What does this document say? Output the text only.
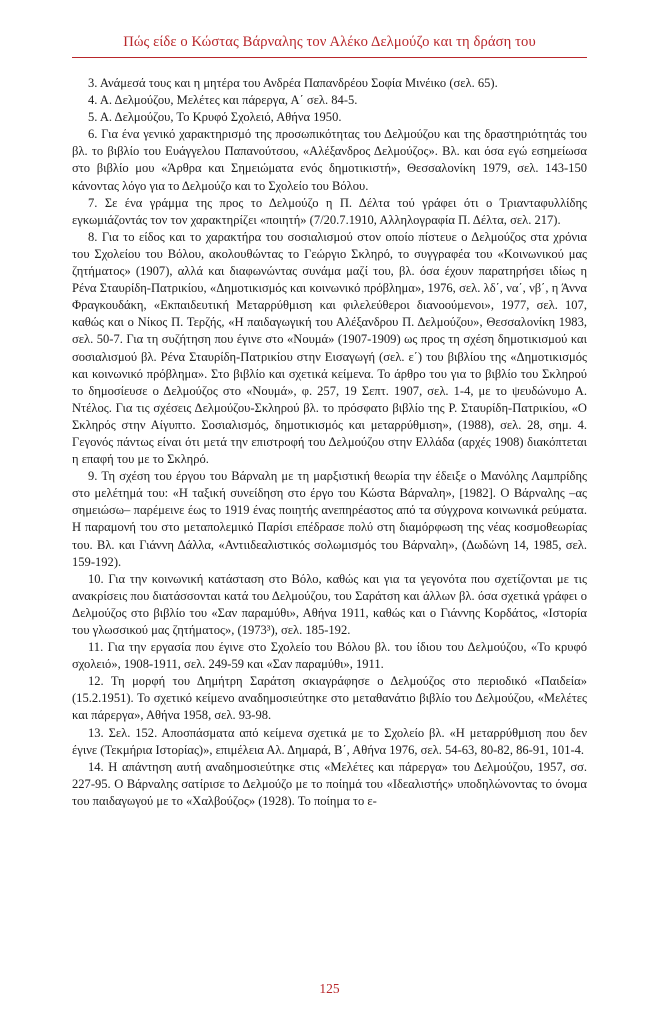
Πώς είδε ο Κώστας Βάρναλης τον Αλέκο Δελμούζο και τη δράση του

3. Ανάμεσά τους και η μητέρα του Ανδρέα Παπανδρέου Σοφία Μινέικο (σελ. 65).

4. Α. Δελμούζου, Μελέτες και πάρεργα, Α΄ σελ. 84-5.

5. Α. Δελμούζου, Το Κρυφό Σχολειό, Αθήνα 1950.

6. Για ένα γενικό χαρακτηρισμό της προσωπικότητας του Δελμούζου και της δραστηριότητάς του βλ. το βιβλίο του Ευάγγελου Παπανούτσου, «Αλέξανδρος Δελμούζος». Βλ. και όσα εγώ εσημείωσα στο βιβλίο μου «Άρθρα και Σημειώματα ενός δημοτικιστή», Θεσσαλονίκη 1979, σελ. 143-150 κάνοντας λόγο για το Δελμούζο και το Σχολείο του Βόλου.

7. Σε ένα γράμμα της προς το Δελμούζο η Π. Δέλτα τού γράφει ότι ο Τριανταφυλλίδης εγκωμιάζοντάς τον τον χαρακτηρίζει «ποιητή» (7/20.7.1910, Αλληλογραφία Π. Δέλτα, σελ. 217).

8. Για το είδος και το χαρακτήρα του σοσιαλισμού στον οποίο πίστευε ο Δελμούζος στα χρόνια του Σχολείου του Βόλου, ακολουθώντας το Γεώργιο Σκληρό, το συγγραφέα του «Κοινωνικού μας ζητήματος» (1907), αλλά και διαφωνώντας συνάμα μαζί του, βλ. όσα έχουν παρατηρήσει ιδίως η Ρένα Σταυρίδη-Πατρικίου, «Δημοτικισμός και κοινωνικό πρόβλημα», 1976, σελ. λδ΄, να΄, νβ΄, η Άννα Φραγκουδάκη, «Εκπαιδευτική Μεταρρύθμιση και φιλελεύθεροι διανοούμενοι», 1977, σελ. 107, καθώς και ο Νίκος Π. Τερζής, «Η παιδαγωγική του Αλέξανδρου Π. Δελμούζου», Θεσσαλονίκη 1983, σελ. 50-7. Για τη συζήτηση που έγινε στο «Νουμά» (1907-1909) ως προς τη σχέση δημοτικισμού και σοσιαλισμού βλ. Ρένα Σταυρίδη-Πατρικίου στην Εισαγωγή (σελ. ε΄) του βιβλίου της «Δημοτικισμός και κοινωνικό πρόβλημα». Στο βιβλίο και σχετικά κείμενα. Το άρθρο του για το βιβλίο του Σκληρού το δημοσίευσε ο Δελμούζος στο «Νουμά», φ. 257, 19 Σεπτ. 1907, σελ. 1-4, με το ψευδώνυμο Α. Ντέλος. Για τις σχέσεις Δελμούζου-Σκληρού βλ. το πρόσφατο βιβλίο της Ρ. Σταυρίδη-Πατρικίου, «Ο Σκληρός στην Αίγυπτο. Σοσιαλισμός, δημοτικισμός και μεταρρύθμιση», (1988), σελ. 28, σημ. 4. Γεγονός πάντως είναι ότι μετά την επιστροφή του Δελμούζου στην Ελλάδα (αρχές 1908) διακόπτεται η επαφή του με το Σκληρό.

9. Τη σχέση του έργου του Βάρναλη με τη μαρξιστική θεωρία την έδειξε ο Μανόλης Λαμπρίδης στο μελέτημά του: «Η ταξική συνείδηση στο έργο του Κώστα Βάρναλη», [1982]. Ο Βάρναλης –ας σημειώσω– παρέμεινε έως το 1919 ένας ποιητής ανεπηρέαστος από τα σύγχρονα κοινωνικά ρεύματα. Η παραμονή του στο μεταπολεμικό Παρίσι επέδρασε πολύ στη διαμόρφωση της νέας κοσμοθεωρίας του. Βλ. και Γιάννη Δάλλα, «Αντιιδεαλιστικός σολωμισμός του Βάρναλη», (Δωδώνη 14, 1985, σελ. 159-192).

10. Για την κοινωνική κατάσταση στο Βόλο, καθώς και για τα γεγονότα που σχετίζονται με τις ανακρίσεις που διατάσσονται κατά του Δελμούζου, του Σαράτση και άλλων βλ. όσα σχετικά γράφει ο Δελμούζος στο βιβλίο του «Σαν παραμύθι», Αθήνα 1911, καθώς και ο Γιάννης Κορδάτος, «Ιστορία του γλωσσικού μας ζητήματος», (1973³), σελ. 185-192.

11. Για την εργασία που έγινε στο Σχολείο του Βόλου βλ. του ίδιου του Δελμούζου, «Το κρυφό σχολειό», 1908-1911, σελ. 249-59 και «Σαν παραμύθι», 1911.

12. Τη μορφή του Δημήτρη Σαράτση σκιαγράφησε ο Δελμούζος στο περιοδικό «Παιδεία» (15.2.1951). Το σχετικό κείμενο αναδημοσιεύτηκε στο μεταθανάτιο βιβλίο του Δελμούζου, «Μελέτες και πάρεργα», Αθήνα 1958, σελ. 93-98.

13. Σελ. 152. Αποσπάσματα από κείμενα σχετικά με το Σχολείο βλ. «Η μεταρρύθμιση που δεν έγινε (Τεκμήρια Ιστορίας)», επιμέλεια Αλ. Δημαρά, Β΄, Αθήνα 1976, σελ. 54-63, 80-82, 86-91, 101-4.

14. Η απάντηση αυτή αναδημοσιεύτηκε στις «Μελέτες και πάρεργα» του Δελμούζου, 1957, σσ. 227-95. Ο Βάρναλης σατίρισε το Δελμούζο με το ποίημά του «Ιδεαλιστής» υποδηλώνοντας το όνομα του παιδαγωγού με το «Χαλβούζος» (1928). Το ποίημα το ε-

125
